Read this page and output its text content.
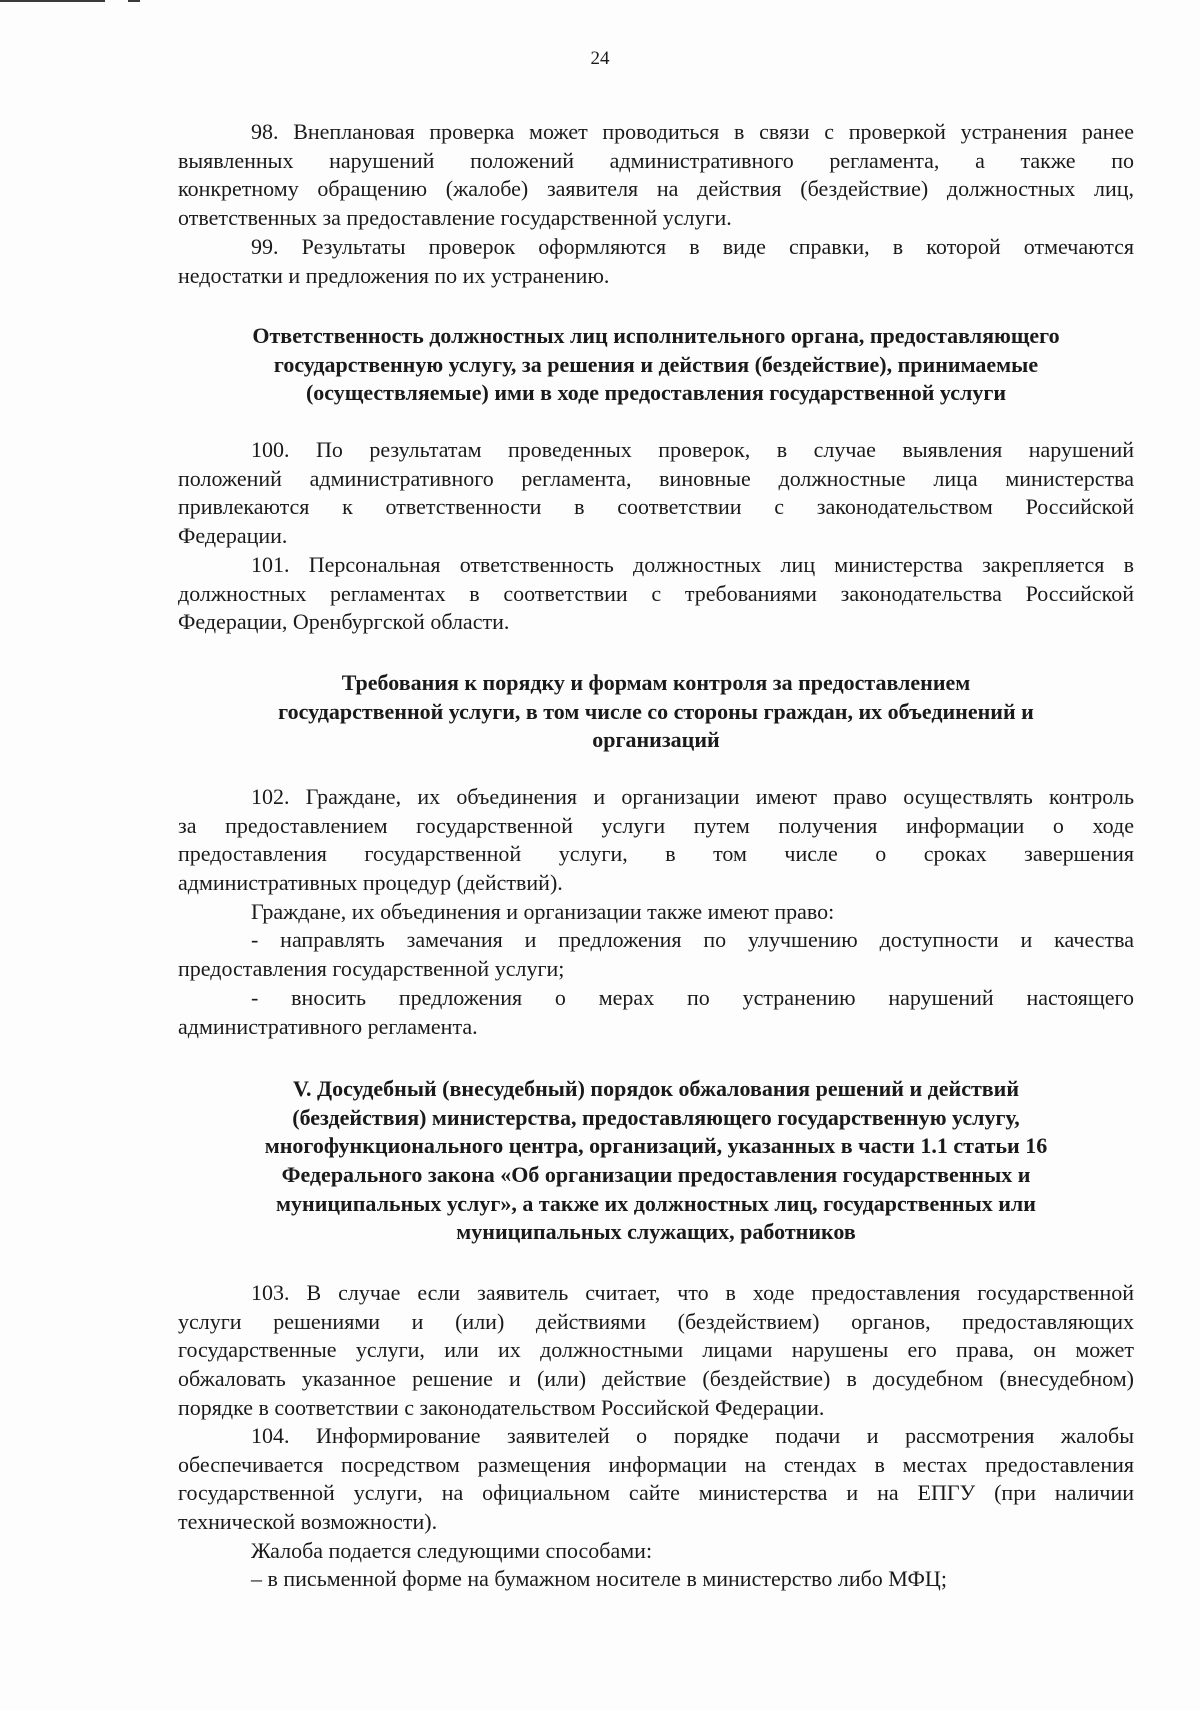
24
98. Внеплановая проверка может проводиться в связи с проверкой устранения ранее
выявленных нарушений положений административного регламента, а также по
конкретному обращению (жалобе) заявителя на действия (бездействие) должностных лиц,
ответственных за предоставление государственной услуги.
99. Результаты проверок оформляются в виде справки, в которой отмечаются
недостатки и предложения по их устранению.
Ответственность должностных лиц исполнительного органа, предоставляющего
государственную услугу, за решения и действия (бездействие), принимаемые
(осуществляемые) ими в ходе предоставления государственной услуги
100. По результатам проведенных проверок, в случае выявления нарушений
положений административного регламента, виновные должностные лица министерства
привлекаются к ответственности в соответствии с законодательством Российской
Федерации.
101. Персональная ответственность должностных лиц министерства закрепляется в
должностных регламентах в соответствии с требованиями законодательства Российской
Федерации, Оренбургской области.
Требования к порядку и формам контроля за предоставлением
государственной услуги, в том числе со стороны граждан, их объединений и
организаций
102. Граждане, их объединения и организации имеют право осуществлять контроль
за предоставлением государственной услуги путем получения информации о ходе
предоставления государственной услуги, в том числе о сроках завершения
административных процедур (действий).
Граждане, их объединения и организации также имеют право:
- направлять замечания и предложения по улучшению доступности и качества
предоставления государственной услуги;
- вносить предложения о мерах по устранению нарушений настоящего
административного регламента.
V. Досудебный (внесудебный) порядок обжалования решений и действий
(бездействия) министерства, предоставляющего государственную услугу,
многофункционального центра, организаций, указанных в части 1.1 статьи 16
Федерального закона «Об организации предоставления государственных и
муниципальных услуг», а также их должностных лиц, государственных или
муниципальных служащих, работников
103. В случае если заявитель считает, что в ходе предоставления государственной
услуги решениями и (или) действиями (бездействием) органов, предоставляющих
государственные услуги, или их должностными лицами нарушены его права, он может
обжаловать указанное решение и (или) действие (бездействие) в досудебном (внесудебном)
порядке в соответствии с законодательством Российской Федерации.
104. Информирование заявителей о порядке подачи и рассмотрения жалобы
обеспечивается посредством размещения информации на стендах в местах предоставления
государственной услуги, на официальном сайте министерства и на ЕПГУ (при наличии
технической возможности).
Жалоба подается следующими способами:
– в письменной форме на бумажном носителе в министерство либо МФЦ;
